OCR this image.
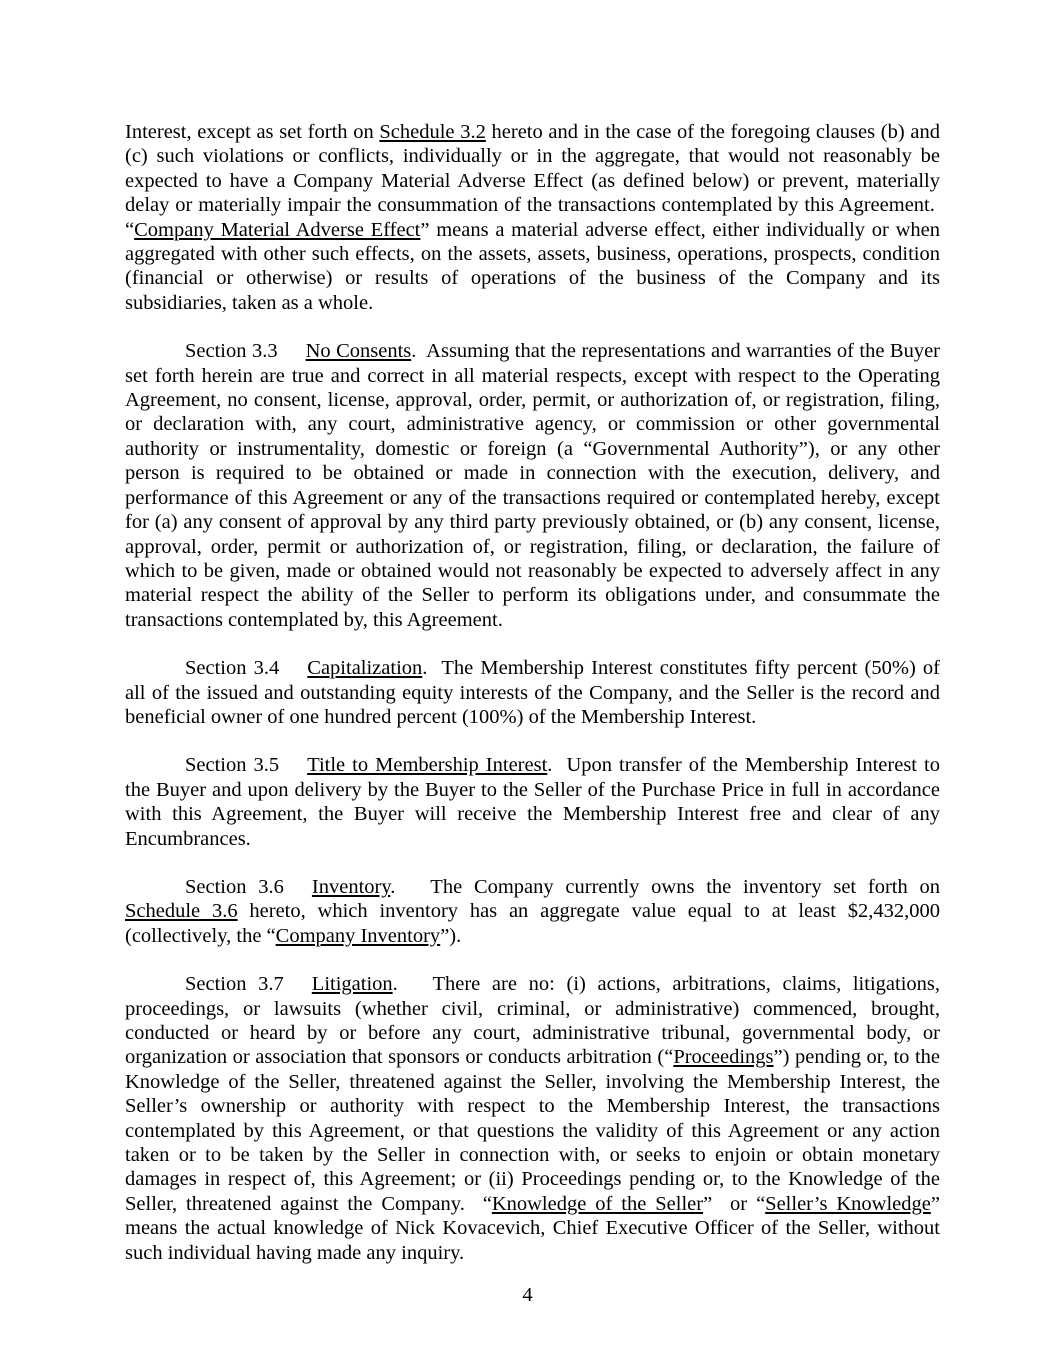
Interest, except as set forth on Schedule 3.2 hereto and in the case of the foregoing clauses (b) and (c) such violations or conflicts, individually or in the aggregate, that would not reasonably be expected to have a Company Material Adverse Effect (as defined below) or prevent, materially delay or materially impair the consummation of the transactions contemplated by this Agreement.  “Company Material Adverse Effect” means a material adverse effect, either individually or when aggregated with other such effects, on the assets, assets, business, operations, prospects, condition (financial or otherwise) or results of operations of the business of the Company and its subsidiaries, taken as a whole.

Section 3.3 No Consents.  Assuming that the representations and warranties of the Buyer set forth herein are true and correct in all material respects, except with respect to the Operating Agreement, no consent, license, approval, order, permit, or authorization of, or registration, filing, or declaration with, any court, administrative agency, or commission or other governmental authority or instrumentality, domestic or foreign (a “Governmental Authority”), or any other person is required to be obtained or made in connection with the execution, delivery, and performance of this Agreement or any of the transactions required or contemplated hereby, except for (a) any consent of approval by any third party previously obtained, or (b) any consent, license, approval, order, permit or authorization of, or registration, filing, or declaration, the failure of which to be given, made or obtained would not reasonably be expected to adversely affect in any material respect the ability of the Seller to perform its obligations under, and consummate the transactions contemplated by, this Agreement.

Section 3.4 Capitalization.  The Membership Interest constitutes fifty percent (50%) of all of the issued and outstanding equity interests of the Company, and the Seller is the record and beneficial owner of one hundred percent (100%) of the Membership Interest.

Section 3.5 Title to Membership Interest.  Upon transfer of the Membership Interest to the Buyer and upon delivery by the Buyer to the Seller of the Purchase Price in full in accordance with this Agreement, the Buyer will receive the Membership Interest free and clear of any Encumbrances.

Section 3.6 Inventory.   The Company currently owns the inventory set forth on Schedule 3.6 hereto, which inventory has an aggregate value equal to at least $2,432,000 (collectively, the “Company Inventory”).

Section 3.7 Litigation.   There are no: (i) actions, arbitrations, claims, litigations, proceedings, or lawsuits (whether civil, criminal, or administrative) commenced, brought, conducted or heard by or before any court, administrative tribunal, governmental body, or organization or association that sponsors or conducts arbitration (“Proceedings”) pending or, to the Knowledge of the Seller, threatened against the Seller, involving the Membership Interest, the Seller’s ownership or authority with respect to the Membership Interest, the transactions contemplated by this Agreement, or that questions the validity of this Agreement or any action taken or to be taken by the Seller in connection with, or seeks to enjoin or obtain monetary damages in respect of, this Agreement; or (ii) Proceedings pending or, to the Knowledge of the Seller, threatened against the Company.  “Knowledge of the Seller”  or “Seller’s Knowledge” means the actual knowledge of Nick Kovacevich, Chief Executive Officer of the Seller, without such individual having made any inquiry.

4
